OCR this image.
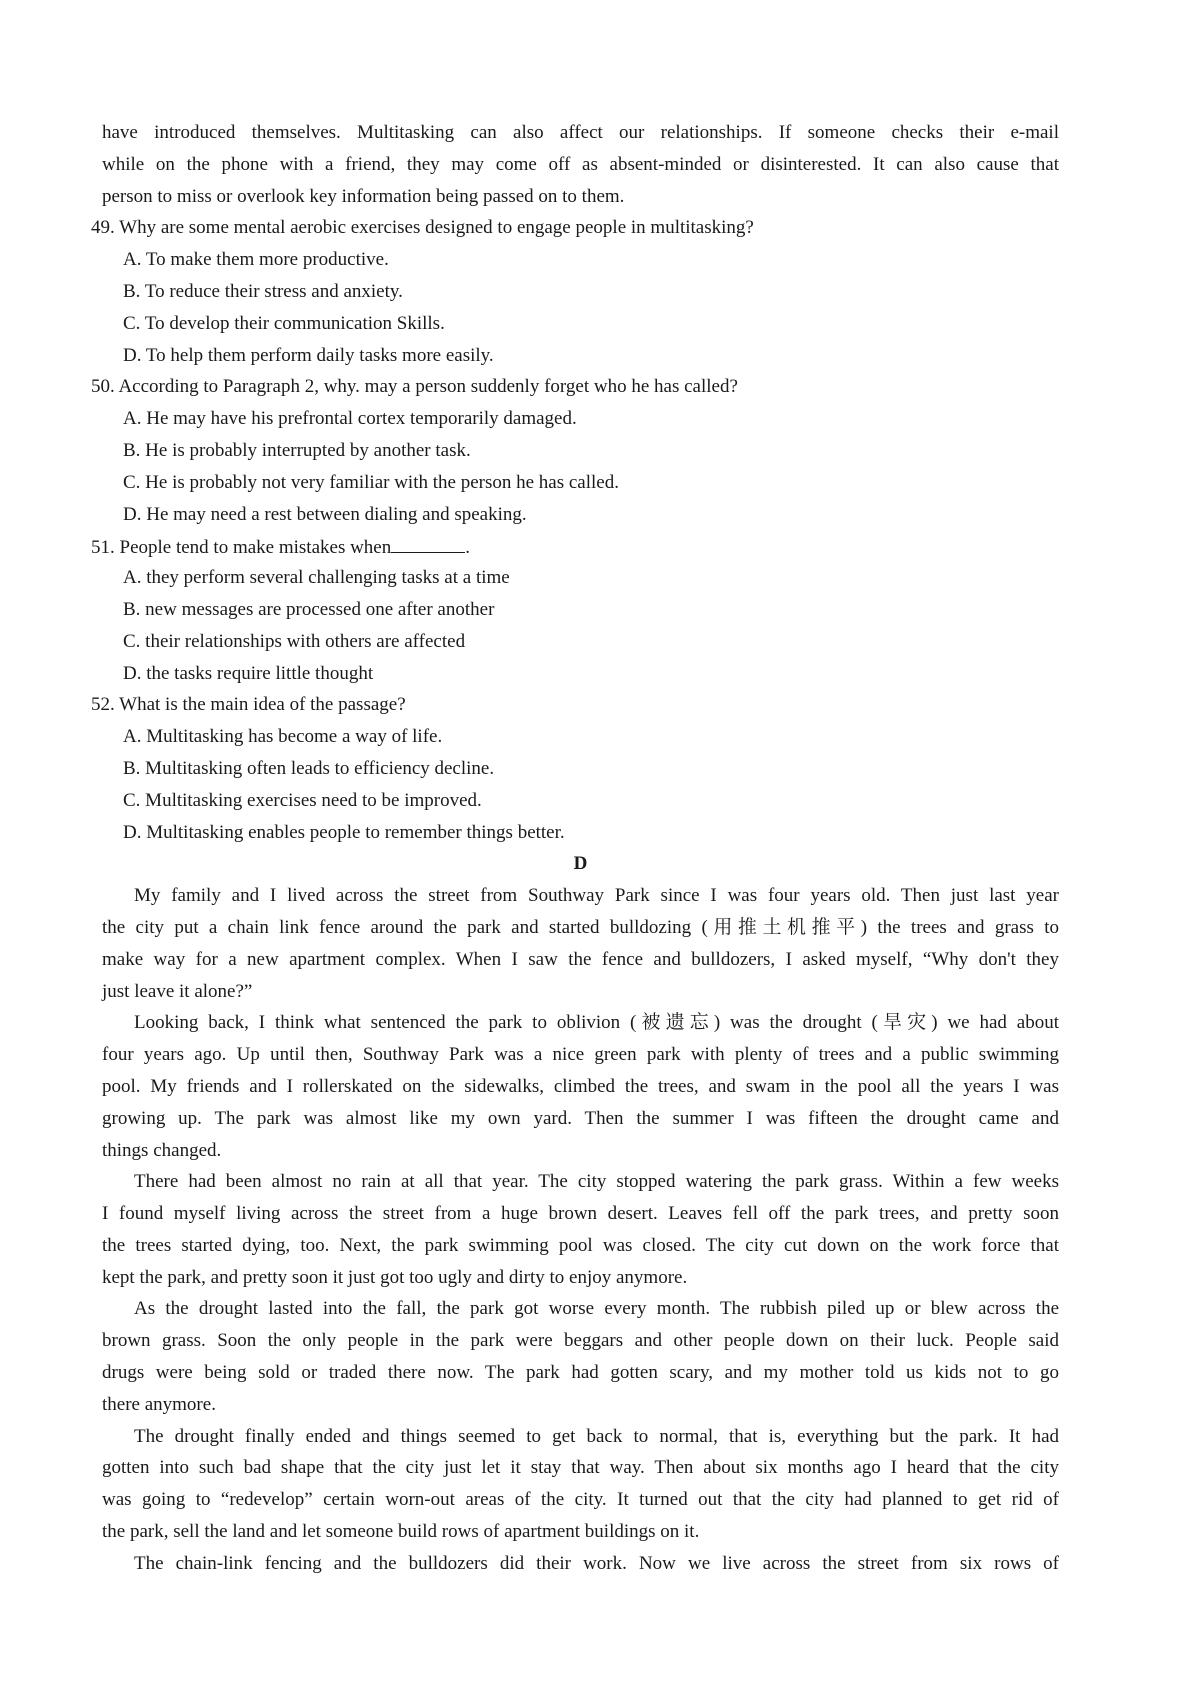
have introduced themselves. Multitasking can also affect our relationships. If someone checks their e-mail
while on the phone with a friend, they may come off as absent-minded or disinterested. It can also cause that
person to miss or overlook key information being passed on to them.
49. Why are some mental aerobic exercises designed to engage people in multitasking?
A. To make them more productive.
B. To reduce their stress and anxiety.
C. To develop their communication Skills.
D. To help them perform daily tasks more easily.
50. According to Paragraph 2, why. may a person suddenly forget who he has called?
A. He may have his prefrontal cortex temporarily damaged.
B. He is probably interrupted by another task.
C. He is probably not very familiar with the person he has called.
D. He may need a rest between dialing and speaking.
51. People tend to make mistakes when	.
A. they perform several challenging tasks at a time
B. new messages are processed one after another
C. their relationships with others are affected
D. the tasks require little thought
52. What is the main idea of the passage?
A. Multitasking has become a way of life.
B. Multitasking often leads to efficiency decline.
C. Multitasking exercises need to be improved.
D. Multitasking enables people to remember things better.
D
My family and I lived across the street from Southway Park since I was four years old. Then just last year
the city put a chain link fence around the park and started bulldozing (用推土机推平) the trees and grass to
make way for a new apartment complex. When I saw the fence and bulldozers, I asked myself, “Why don't they
just leave it alone?”
Looking back, I think what sentenced the park to oblivion (被遗忘) was the drought (旱灾) we had about
four years ago. Up until then, Southway Park was a nice green park with plenty of trees and a public swimming
pool. My friends and I rollerskated on the sidewalks, climbed the trees, and swam in the pool all the years I was
growing up. The park was almost like my own yard. Then the summer I was fifteen the drought came and
things changed.
There had been almost no rain at all that year. The city stopped watering the park grass. Within a few weeks
I found myself living across the street from a huge brown desert. Leaves fell off the park trees, and pretty soon
the trees started dying, too. Next, the park swimming pool was closed. The city cut down on the work force that
kept the park, and pretty soon it just got too ugly and dirty to enjoy anymore.
As the drought lasted into the fall, the park got worse every month. The rubbish piled up or blew across the
brown grass. Soon the only people in the park were beggars and other people down on their luck. People said
drugs were being sold or traded there now. The park had gotten scary, and my mother told us kids not to go
there anymore.
The drought finally ended and things seemed to get back to normal, that is, everything but the park. It had
gotten into such bad shape that the city just let it stay that way. Then about six months ago I heard that the city
was going to “redevelop” certain worn-out areas of the city. It turned out that the city had planned to get rid of
the park, sell the land and let someone build rows of apartment buildings on it.
The chain-link fencing and the bulldozers did their work. Now we live across the street from six rows of
